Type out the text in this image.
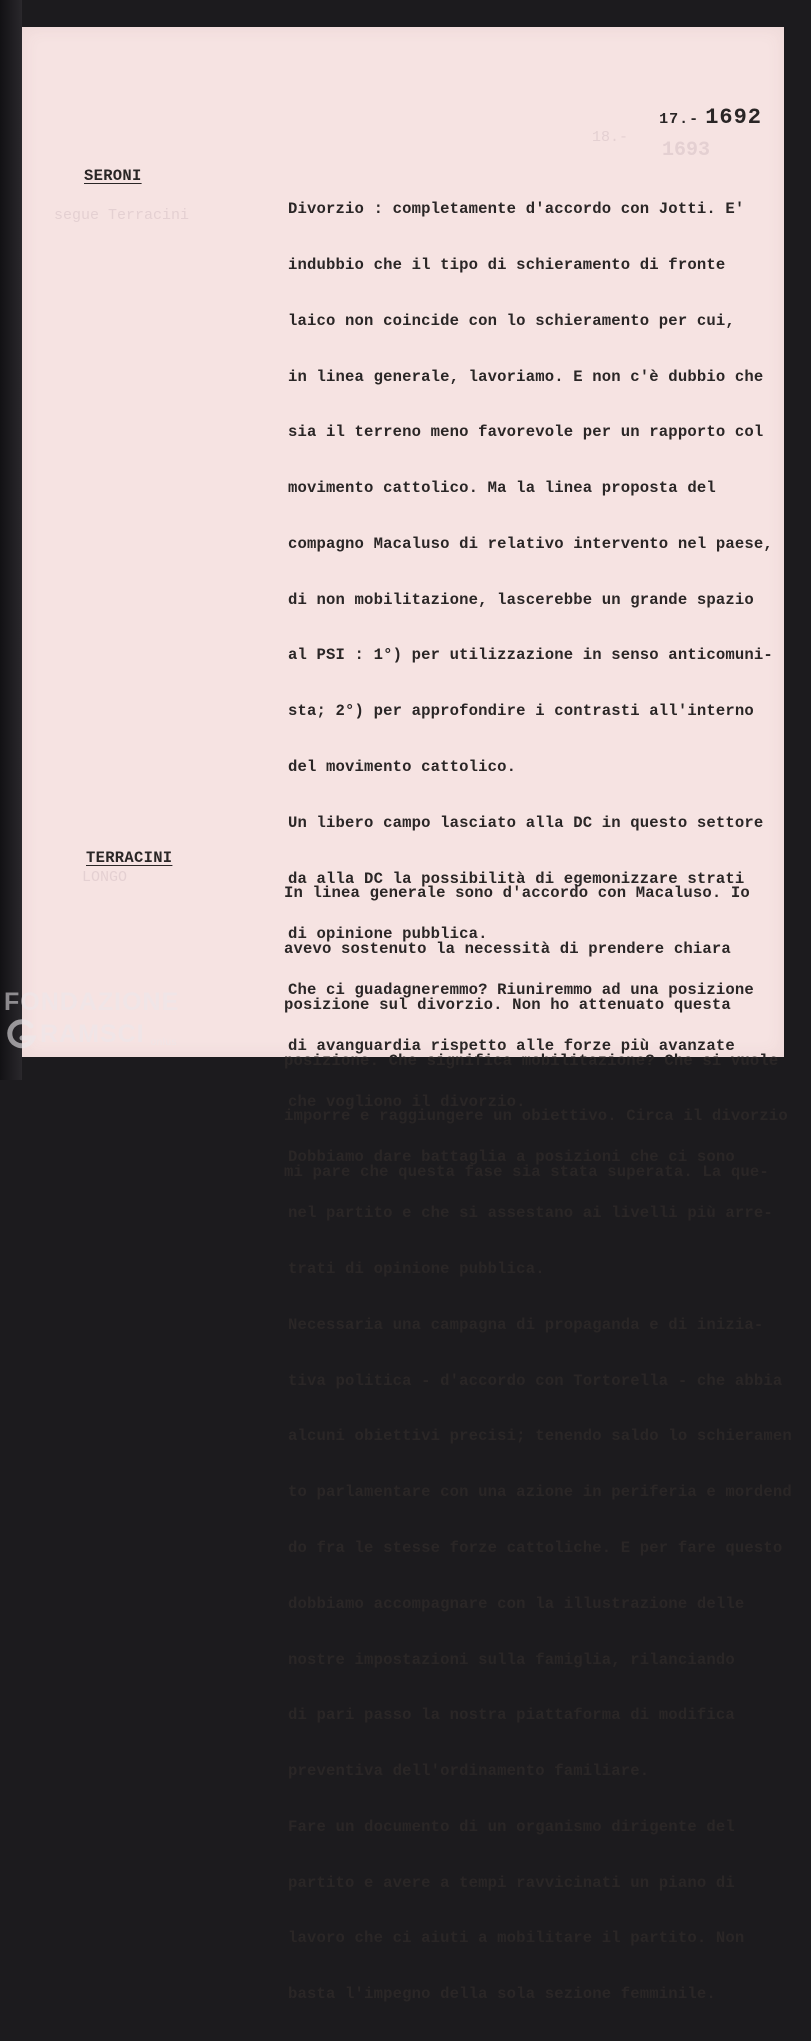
18.-
1693
segue Terracini
LONGO
17.- 1692
SERONI

Divorzio : completamente d'accordo con Jotti. E'

indubbio che il tipo di schieramento di fronte

laico non coincide con lo schieramento per cui,

in linea generale, lavoriamo. E non c'è dubbio che

sia il terreno meno favorevole per un rapporto col

movimento cattolico. Ma la linea proposta del

compagno Macaluso di relativo intervento nel paese,

di non mobilitazione, lascerebbe un grande spazio

al PSI : 1°) per utilizzazione in senso anticomuni-

sta; 2°) per approfondire i contrasti all'interno

del movimento cattolico.

Un libero campo lasciato alla DC in questo settore

da alla DC la possibilità di egemonizzare strati

di opinione pubblica.

Che ci guadagneremmo? Riuniremmo ad una posizione

di avanguardia rispetto alle forze più avanzate

che vogliono il divorzio.

Dobbiamo dare battaglia a posizioni che ci sono

nel partito e che si assestano ai livelli più arre-

trati di opinione pubblica.

Necessaria una campagna di propaganda e di inizia-

tiva politica - d'accordo con Tortorella - che abbia

alcuni obiettivi precisi; tenendo saldo lo schieramen

to parlamentare con una azione in periferia e mordend

do fra le stesse forze cattoliche. E per fare questo

dobbiamo accompagnare con la illustrazione delle

nostre impostazioni sulla famiglia, rilanciando

di pari passo la nostra piattaforma di modifica

preventiva dell'ordinamento familiare.

Fare un documento di un organismo dirigente del

partito e avere a tempi ravvicinati un piano di

lavoro che ci aiuti a mobilitare il partito. Non

basta l'impegno della sola sezione femminile.

TERRACINI

In linea generale sono d'accordo con Macaluso. Io

avevo sostenuto la necessità di prendere chiara

posizione sul divorzio. Non ho attenuato questa

posizione. Che significa mobilitazione? Che si vuole

imporre e raggiungere un obiettivo. Circa il divorzio

mi pare che questa fase sia stata superata. La que-

FONDAZIONE
RAMSCI onlus
